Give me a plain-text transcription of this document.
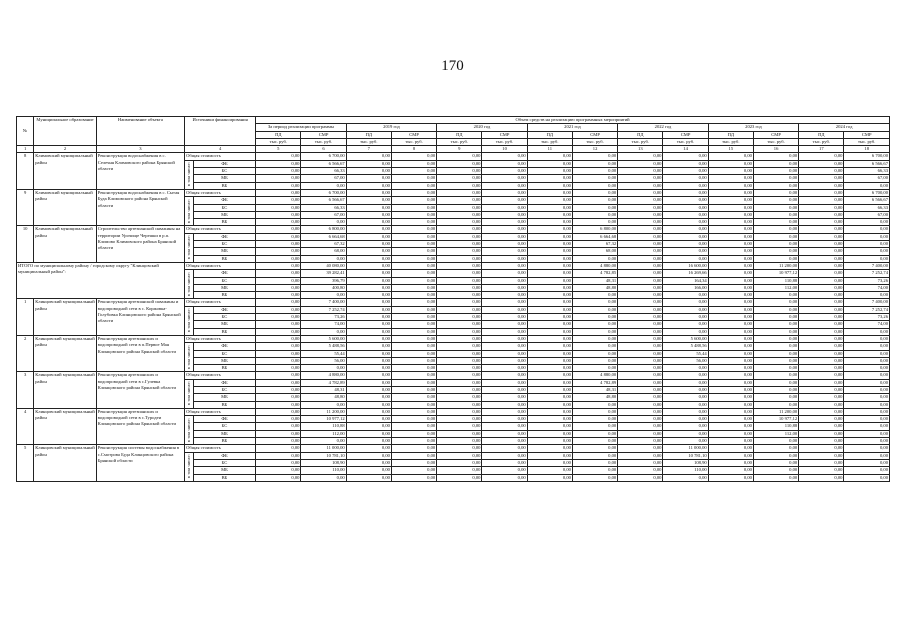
170
№	Муниципальное образование	Наименование объекта	Источники финансирования		Объем средств на реализацию программных мероприятий													
					За период реализации программы		2019 год		2020 год		2021 год		2022 год		2023 год		2024 год	
					ПД	СМР	ПД	СМР	ПД	СМР	ПД	СМР	ПД	СМР	ПД	СМР	ПД	СМР
					тыс. руб.	тыс. руб.	тыс. руб.	тыс. руб.	тыс. руб.	тыс. руб.	тыс. руб.	тыс. руб.	тыс. руб.	тыс. руб.	тыс. руб.	тыс. руб.	тыс. руб.	тыс. руб.
1	2	3	4		5	6	7	8	9	10	11	12	13	14	15	16	17	18
8	Климовский муниципальный район	Реконструкция водоснабжения в с. Селечня Климовского района Брянской области	Общая стоимость		0,00	6 700,00	0,00	0,00	0,00	0,00	0,00	0,00	0,00	0,00	0,00	0,00	0,00	6 700,00
			в том числе:	ФБ	0,00	6 566,67	0,00	0,00	0,00	0,00	0,00	0,00	0,00	0,00	0,00	0,00	0,00	6 566,67
				БС	0,00	66,33	0,00	0,00	0,00	0,00	0,00	0,00	0,00	0,00	0,00	0,00	0,00	66,33
				МБ	0,00	67,00	0,00	0,00	0,00	0,00	0,00	0,00	0,00	0,00	0,00	0,00	0,00	67,00
				ВБ	0,00	0,00	0,00	0,00	0,00	0,00	0,00	0,00	0,00	0,00	0,00	0,00	0,00	0,00
9	Климовский муниципальный район	Реконструкция водоснабжения в с. Сытая Буда Климовского района Брянской области	Общая стоимость		0,00	6 700,00	0,00	0,00	0,00	0,00	0,00	0,00	0,00	0,00	0,00	0,00	0,00	6 700,00
			в том числе:	ФБ	0,00	6 566,67	0,00	0,00	0,00	0,00	0,00	0,00	0,00	0,00	0,00	0,00	0,00	6 566,67
				БС	0,00	66,33	0,00	0,00	0,00	0,00	0,00	0,00	0,00	0,00	0,00	0,00	0,00	66,33
				МБ	0,00	67,00	0,00	0,00	0,00	0,00	0,00	0,00	0,00	0,00	0,00	0,00	0,00	67,00
				ВБ	0,00	0,00	0,00	0,00	0,00	0,00	0,00	0,00	0,00	0,00	0,00	0,00	0,00	0,00
10	Климовский муниципальный район	Строительство артезианской скважины на территории Урочище Черешки в р.п. Климово Климовского района Брянской области	Общая стоимость		0,00	6 800,00	0,00	0,00	0,00	0,00	0,00	6 800,00	0,00	0,00	0,00	0,00	0,00	0,00
			в том числе:	ФБ	0,00	6 664,68	0,00	0,00	0,00	0,00	0,00	6 664,68	0,00	0,00	0,00	0,00	0,00	0,00
				БС	0,00	67,32	0,00	0,00	0,00	0,00	0,00	67,32	0,00	0,00	0,00	0,00	0,00	0,00
				МБ	0,00	68,00	0,00	0,00	0,00	0,00	0,00	68,00	0,00	0,00	0,00	0,00	0,00	0,00
				ВБ	0,00	0,00	0,00	0,00	0,00	0,00	0,00	0,00	0,00	0,00	0,00	0,00	0,00	0,00
ИТОГО по муниципальному району / городскому округу "Клинцовский муниципальный район":			Общая стоимость		0,00	40 080,00	0,00	0,00	0,00	0,00	0,00	4 880,00	0,00	16 600,00	0,00	11 200,00	0,00	7 400,00
			в том числе:	ФБ	0,00	39 282,41	0,00	0,00	0,00	0,00	0,00	4 782,85	0,00	16 269,66	0,00	10 977,12	0,00	7 252,74
				БС	0,00	396,79	0,00	0,00	0,00	0,00	0,00	48,31	0,00	164,34	0,00	110,88	0,00	73,26
				МБ	0,00	400,80	0,00	0,00	0,00	0,00	0,00	48,80	0,00	166,00	0,00	112,00	0,00	74,00
				ВБ	0,00	0,00	0,00	0,00	0,00	0,00	0,00	0,00	0,00	0,00	0,00	0,00	0,00	0,00
1	Клинцовский муниципальный район	Реконструкция артезианской скважины и водопроводной сети в с. Коржовка-Голубовка Клинцовского района Брянской области	Общая стоимость		0,00	7 400,00	0,00	0,00	0,00	0,00	0,00	0,00	0,00	0,00	0,00	0,00	0,00	7 400,00
			в том числе:	ФБ	0,00	7 252,74	0,00	0,00	0,00	0,00	0,00	0,00	0,00	0,00	0,00	0,00	0,00	7 252,74
				БС	0,00	73,26	0,00	0,00	0,00	0,00	0,00	0,00	0,00	0,00	0,00	0,00	0,00	73,26
				МБ	0,00	74,00	0,00	0,00	0,00	0,00	0,00	0,00	0,00	0,00	0,00	0,00	0,00	74,00
				ВБ	0,00	0,00	0,00	0,00	0,00	0,00	0,00	0,00	0,00	0,00	0,00	0,00	0,00	0,00
2	Клинцовский муниципальный район	Реконструкция артезианских и водопроводной сети в п.Первое Мая Клинцовского района Брянской области	Общая стоимость		0,00	5 600,00	0,00	0,00	0,00	0,00	0,00	0,00	0,00	5 600,00	0,00	0,00	0,00	0,00
			в том числе:	ФБ	0,00	5 488,56	0,00	0,00	0,00	0,00	0,00	0,00	0,00	5 488,56	0,00	0,00	0,00	0,00
				БС	0,00	55,44	0,00	0,00	0,00	0,00	0,00	0,00	0,00	55,44	0,00	0,00	0,00	0,00
				МБ	0,00	56,00	0,00	0,00	0,00	0,00	0,00	0,00	0,00	56,00	0,00	0,00	0,00	0,00
				ВБ	0,00	0,00	0,00	0,00	0,00	0,00	0,00	0,00	0,00	0,00	0,00	0,00	0,00	0,00
3	Клинцовский муниципальный район	Реконструкция артезианских и водопроводной сети в с.Гулевка Клинцовского района Брянской области	Общая стоимость		0,00	4 880,00	0,00	0,00	0,00	0,00	0,00	4 880,00	0,00	0,00	0,00	0,00	0,00	0,00
			в том числе:	ФБ	0,00	4 782,89	0,00	0,00	0,00	0,00	0,00	4 782,89	0,00	0,00	0,00	0,00	0,00	0,00
				БС	0,00	48,31	0,00	0,00	0,00	0,00	0,00	48,31	0,00	0,00	0,00	0,00	0,00	0,00
				МБ	0,00	48,80	0,00	0,00	0,00	0,00	0,00	48,80	0,00	0,00	0,00	0,00	0,00	0,00
				ВБ	0,00	0,00	0,00	0,00	0,00	0,00	0,00	0,00	0,00	0,00	0,00	0,00	0,00	0,00
4	Клинцовский муниципальный район	Реконструкция артезианских и водопроводной сети в с.Туродеи Клинцовского района Брянской области	Общая стоимость		0,00	11 200,00	0,00	0,00	0,00	0,00	0,00	0,00	0,00	0,00	0,00	11 200,00	0,00	0,00
			в том числе:	ФБ	0,00	10 977,12	0,00	0,00	0,00	0,00	0,00	0,00	0,00	0,00	0,00	10 977,12	0,00	0,00
				БС	0,00	110,88	0,00	0,00	0,00	0,00	0,00	0,00	0,00	0,00	0,00	110,88	0,00	0,00
				МБ	0,00	112,00	0,00	0,00	0,00	0,00	0,00	0,00	0,00	0,00	0,00	112,00	0,00	0,00
				ВБ	0,00	0,00	0,00	0,00	0,00	0,00	0,00	0,00	0,00	0,00	0,00	0,00	0,00	0,00
5	Клинцовский муниципальный район	Реконструкция системы водоснабжения в с.Смотрова Буда Клинцовского района Брянской области	Общая стоимость		0,00	11 000,00	0,00	0,00	0,00	0,00	0,00	0,00	0,00	11 000,00	0,00	0,00	0,00	0,00
			в том числе:	ФБ	0,00	10 781,10	0,00	0,00	0,00	0,00	0,00	0,00	0,00	10 781,10	0,00	0,00	0,00	0,00
				БС	0,00	108,90	0,00	0,00	0,00	0,00	0,00	0,00	0,00	108,90	0,00	0,00	0,00	0,00
				МБ	0,00	110,00	0,00	0,00	0,00	0,00	0,00	0,00	0,00	110,00	0,00	0,00	0,00	0,00
				ВБ	0,00	0,00	0,00	0,00	0,00	0,00	0,00	0,00	0,00	0,00	0,00	0,00	0,00	0,00
